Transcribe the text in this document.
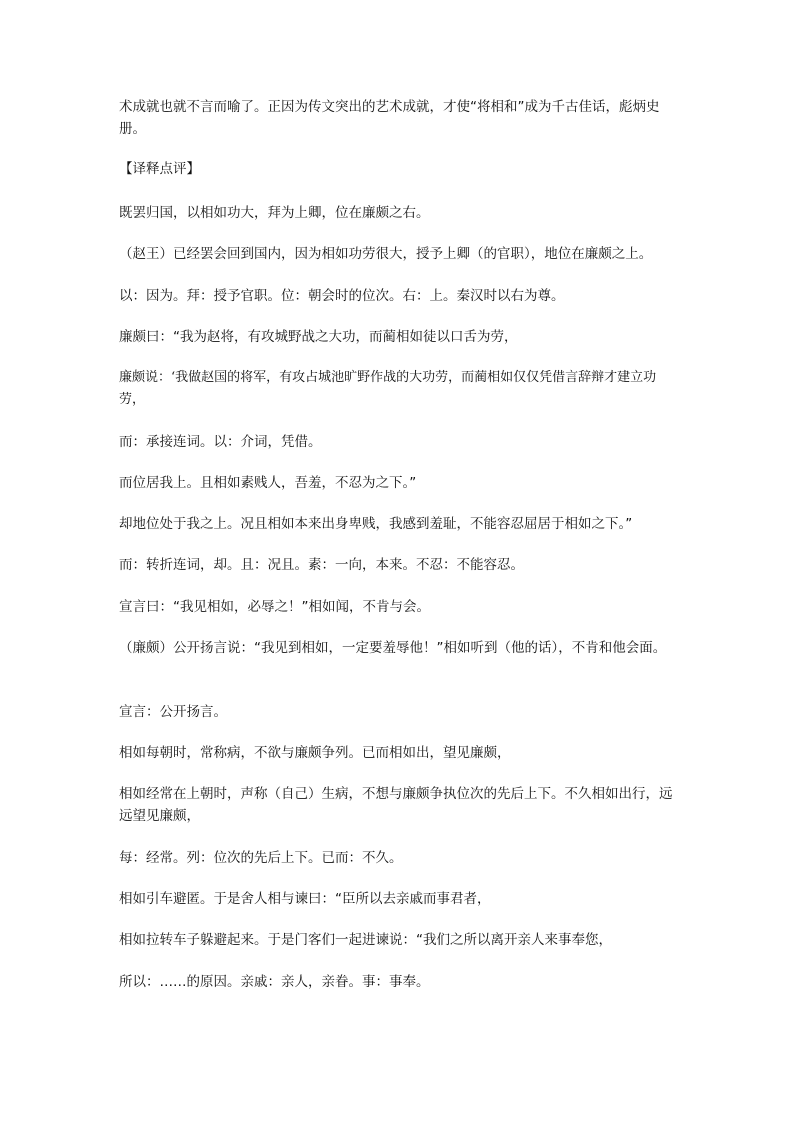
术成就也就不言而喻了。正因为传文突出的艺术成就，才使“将相和”成为千古佳话，彪炳史册。

【译释点评】

既罢归国，以相如功大，拜为上卿，位在廉颇之右。

（赵王）已经罢会回到国内，因为相如功劳很大，授予上卿（的官职），地位在廉颇之上。

以：因为。拜：授予官职。位：朝会时的位次。右：上。秦汉时以右为尊。

廉颇曰：“我为赵将，有攻城野战之大功，而蔺相如徒以口舌为劳，

廉颇说：‘我做赵国的将军，有攻占城池旷野作战的大功劳，而蔺相如仅仅凭借言辞辩才建立功劳，

而：承接连词。以：介词，凭借。

而位居我上。且相如素贱人，吾羞，不忍为之下。”

却地位处于我之上。况且相如本来出身卑贱，我感到羞耻，不能容忍屈居于相如之下。”

而：转折连词，却。且：况且。素：一向，本来。不忍：不能容忍。

宣言曰：“我见相如，必辱之！”相如闻，不肯与会。

（廉颇）公开扬言说：“我见到相如，一定要羞辱他！”相如听到（他的话），不肯和他会面。

宣言：公开扬言。

相如每朝时，常称病，不欲与廉颇争列。已而相如出，望见廉颇，

相如经常在上朝时，声称（自己）生病，不想与廉颇争执位次的先后上下。不久相如出行，远远望见廉颇，

每：经常。列：位次的先后上下。已而：不久。

相如引车避匿。于是舍人相与谏曰：“臣所以去亲戚而事君者，

相如拉转车子躲避起来。于是门客们一起进谏说：“我们之所以离开亲人来事奉您，

所以：……的原因。亲戚：亲人，亲眷。事：事奉。
